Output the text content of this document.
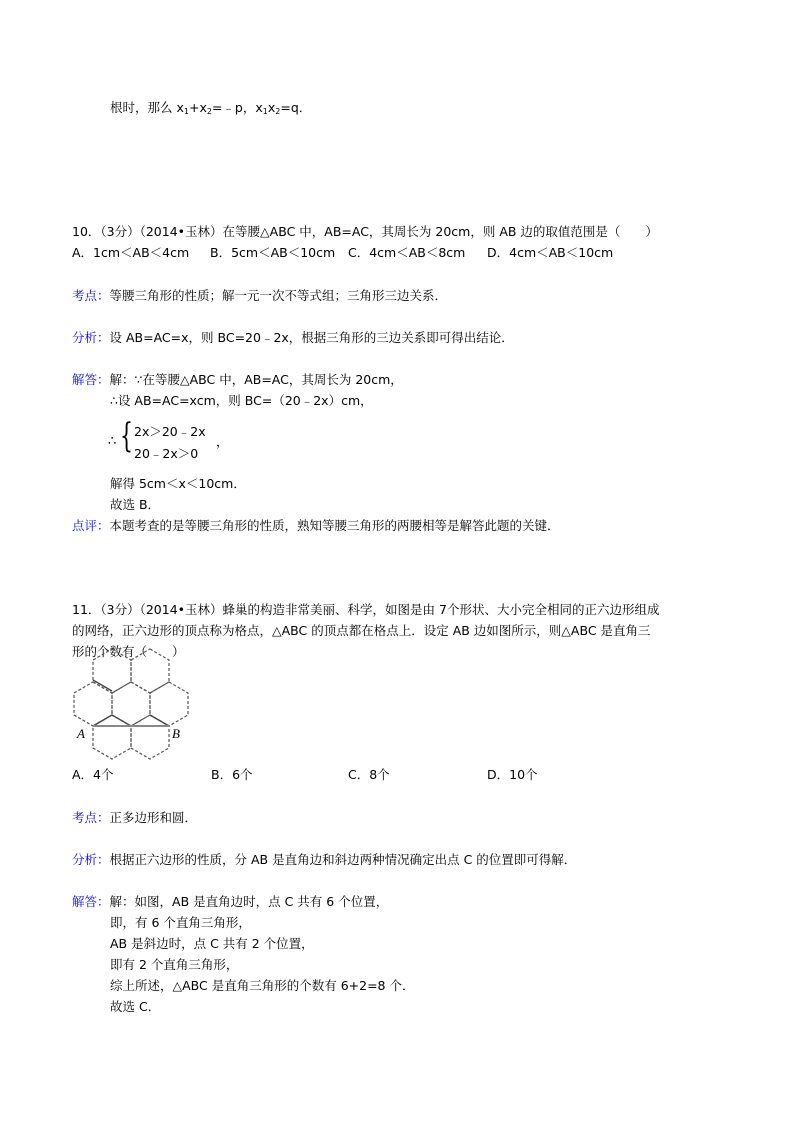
根时，那么 $x_1+x_2=﹣p$，$x_1x_2=q$．
10．（3分）（2014•玉林）在等腰△ABC 中，AB=AC，其周长为 20cm，则 AB 边的取值范围是（　　）
A．1cm＜AB＜4cm B．5cm＜AB＜10cm C．4cm＜AB＜8cm D．4cm＜AB＜10cm
考点：等腰三角形的性质；解一元一次不等式组；三角形三边关系．
分析：设 AB=AC=x，则 BC=20﹣2x，根据三角形的三边关系即可得出结论．
解答：解：∵在等腰△ABC 中，AB=AC，其周长为 20cm，
∴设 AB=AC=xcm，则 BC=（20﹣2x）cm，
∴ { 2x＞20﹣2x
20﹣2x＞0
，
解得 5cm＜x＜10cm．
故选 B．
点评：本题考查的是等腰三角形的性质，熟知等腰三角形的两腰相等是解答此题的关键．
11．（3分）（2014•玉林）蜂巢的构造非常美丽、科学，如图是由 7个形状、大小完全相同的正六边形组成
的网络，正六边形的顶点称为格点，△ABC 的顶点都在格点上．设定 AB 边如图所示，则△ABC 是直角三
形的个数有（　　）
A	B
A．4个	B．6个	C．8个	D．10个
考点：正多边形和圆．
分析：根据正六边形的性质，分 AB 是直角边和斜边两种情况确定出点 C 的位置即可得解．
解答：解：如图，AB 是直角边时，点 C 共有 6 个位置，
即，有 6 个直角三角形，
AB 是斜边时，点 C 共有 2 个位置，
即有 2 个直角三角形，
综上所述，△ABC 是直角三角形的个数有 6+2=8 个．
故选 C．
